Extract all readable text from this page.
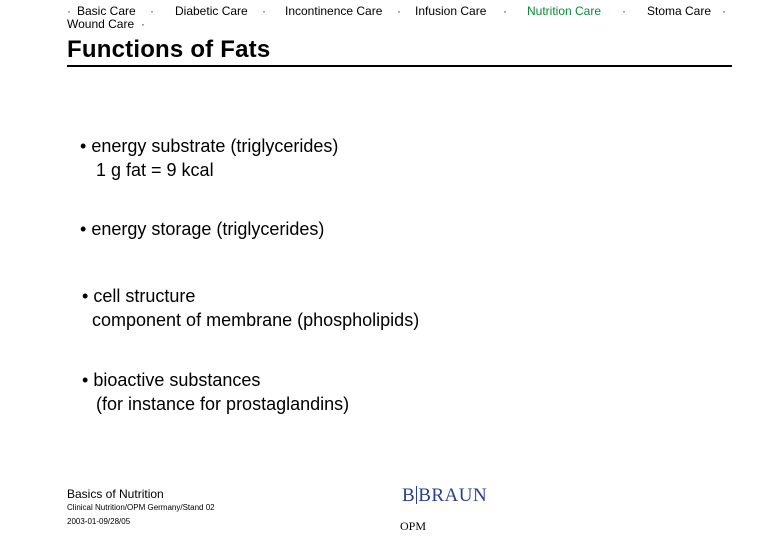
· Basic Care · Diabetic Care · Incontinence Care · Infusion Care · Nutrition Care · Stoma Care ·
Wound Care ·
Functions of Fats
• energy substrate (triglycerides)
1 g fat = 9 kcal
• energy storage (triglycerides)
• cell structure
component of membrane (phospholipids)
• bioactive substances
(for instance for prostaglandins)
Basics of Nutrition
Clinical Nutrition/OPM Germany/Stand 02
2003-01-09/28/05
B BRAUN
OPM
